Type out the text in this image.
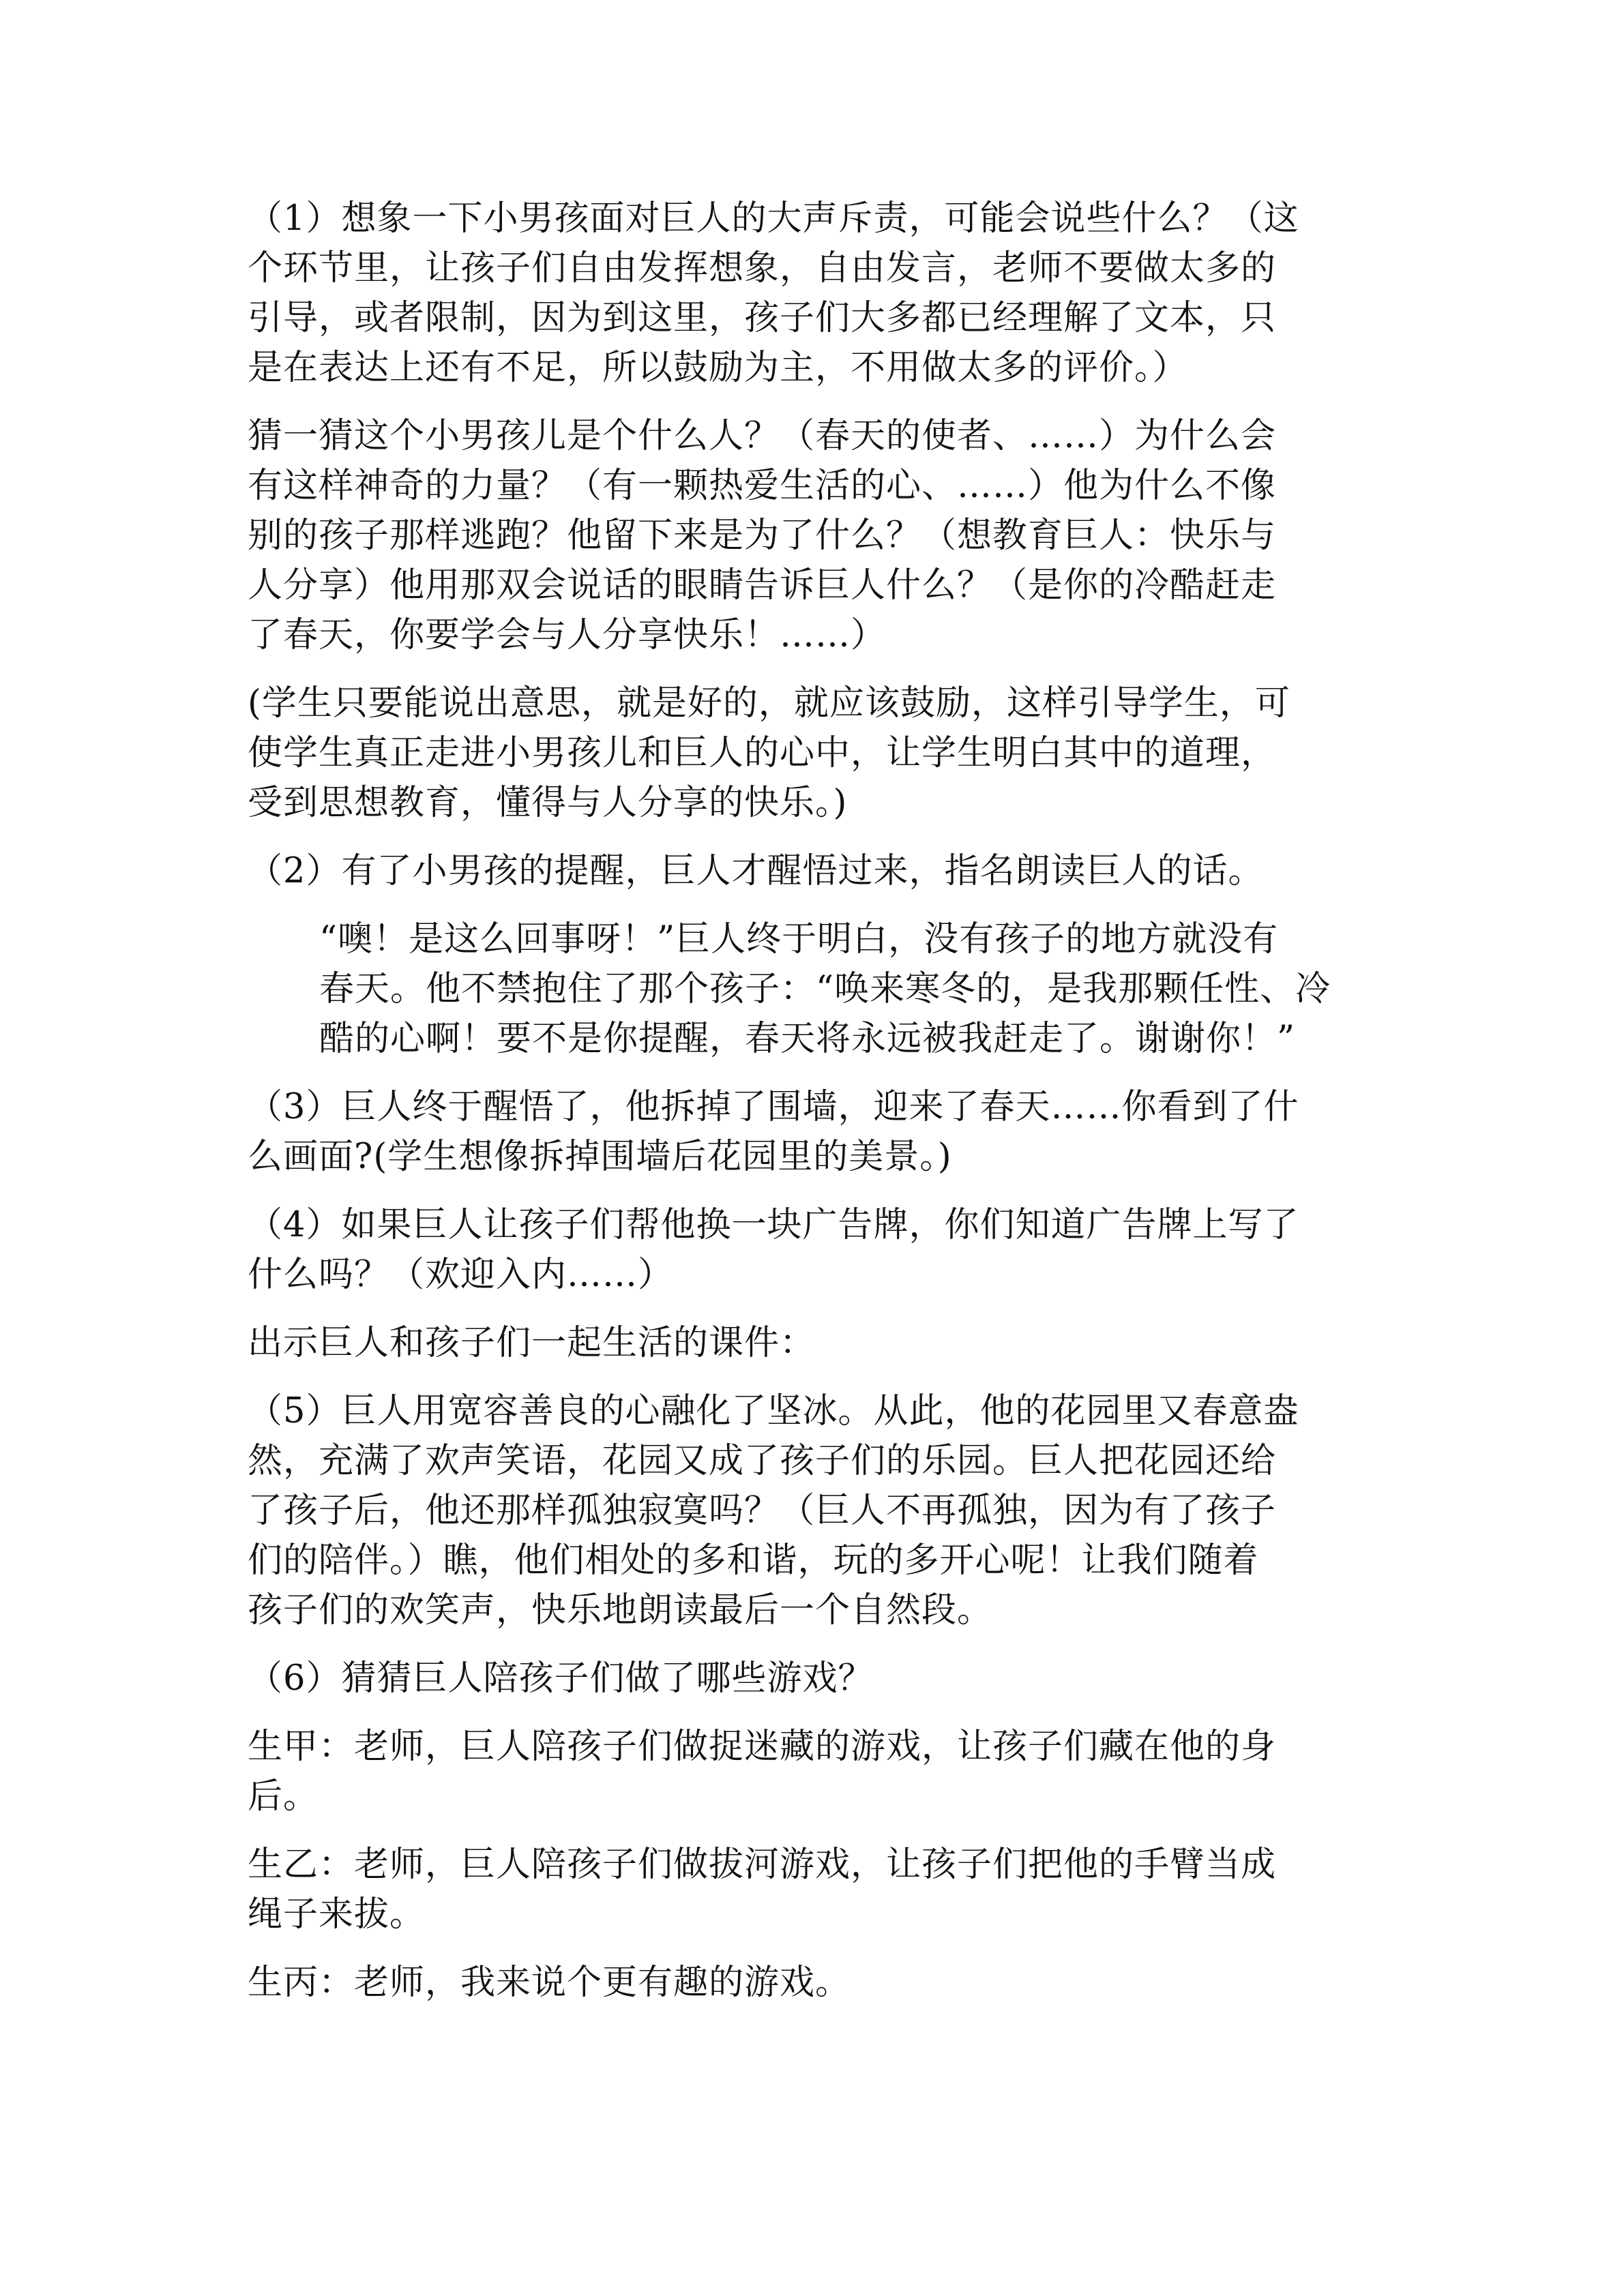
（1）想象一下小男孩面对巨人的大声斥责，可能会说些什么？（这
个环节里，让孩子们自由发挥想象，自由发言，老师不要做太多的
引导，或者限制，因为到这里，孩子们大多都已经理解了文本，只
是在表达上还有不足，所以鼓励为主，不用做太多的评价。）
猜一猜这个小男孩儿是个什么人？（春天的使者、……）为什么会
有这样神奇的力量？（有一颗热爱生活的心、……）他为什么不像
别的孩子那样逃跑？他留下来是为了什么？（想教育巨人：快乐与
人分享）他用那双会说话的眼睛告诉巨人什么？（是你的冷酷赶走
了春天，你要学会与人分享快乐！……）
(学生只要能说出意思，就是好的，就应该鼓励，这样引导学生，可
使学生真正走进小男孩儿和巨人的心中，让学生明白其中的道理，
受到思想教育，懂得与人分享的快乐。)
（2）有了小男孩的提醒，巨人才醒悟过来，指名朗读巨人的话。
“噢！是这么回事呀！”巨人终于明白，没有孩子的地方就没有
春天。他不禁抱住了那个孩子：“唤来寒冬的，是我那颗任性、冷
酷的心啊！要不是你提醒，春天将永远被我赶走了。谢谢你！”
（3）巨人终于醒悟了，他拆掉了围墙，迎来了春天……你看到了什
么画面?(学生想像拆掉围墙后花园里的美景。)
（4）如果巨人让孩子们帮他换一块广告牌，你们知道广告牌上写了
什么吗？（欢迎入内……）
出示巨人和孩子们一起生活的课件：
（5）巨人用宽容善良的心融化了坚冰。从此，他的花园里又春意盎
然，充满了欢声笑语，花园又成了孩子们的乐园。巨人把花园还给
了孩子后，他还那样孤独寂寞吗？（巨人不再孤独，因为有了孩子
们的陪伴。）瞧，他们相处的多和谐，玩的多开心呢！让我们随着
孩子们的欢笑声，快乐地朗读最后一个自然段。
（6）猜猜巨人陪孩子们做了哪些游戏？
生甲：老师，巨人陪孩子们做捉迷藏的游戏，让孩子们藏在他的身
后。
生乙：老师，巨人陪孩子们做拔河游戏，让孩子们把他的手臂当成
绳子来拔。
生丙：老师，我来说个更有趣的游戏。
